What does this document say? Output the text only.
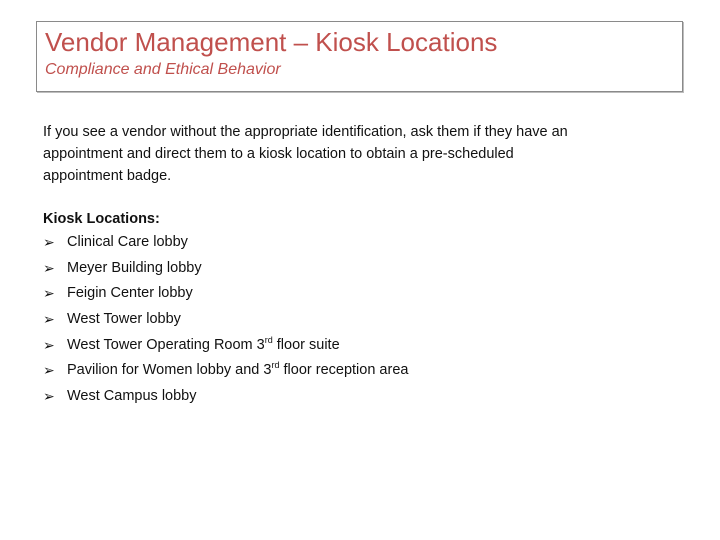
Vendor Management – Kiosk Locations
Compliance and Ethical Behavior
If you see a vendor without the appropriate identification, ask them if they have an
appointment and direct them to a kiosk location to obtain a pre-scheduled
appointment badge.
Kiosk Locations:
➢ Clinical Care lobby
➢ Meyer Building lobby
➢ Feigin Center lobby
➢ West Tower lobby
➢ West Tower Operating Room 3rd floor suite
➢ Pavilion for Women lobby and 3rd floor reception area
➢ West Campus lobby
